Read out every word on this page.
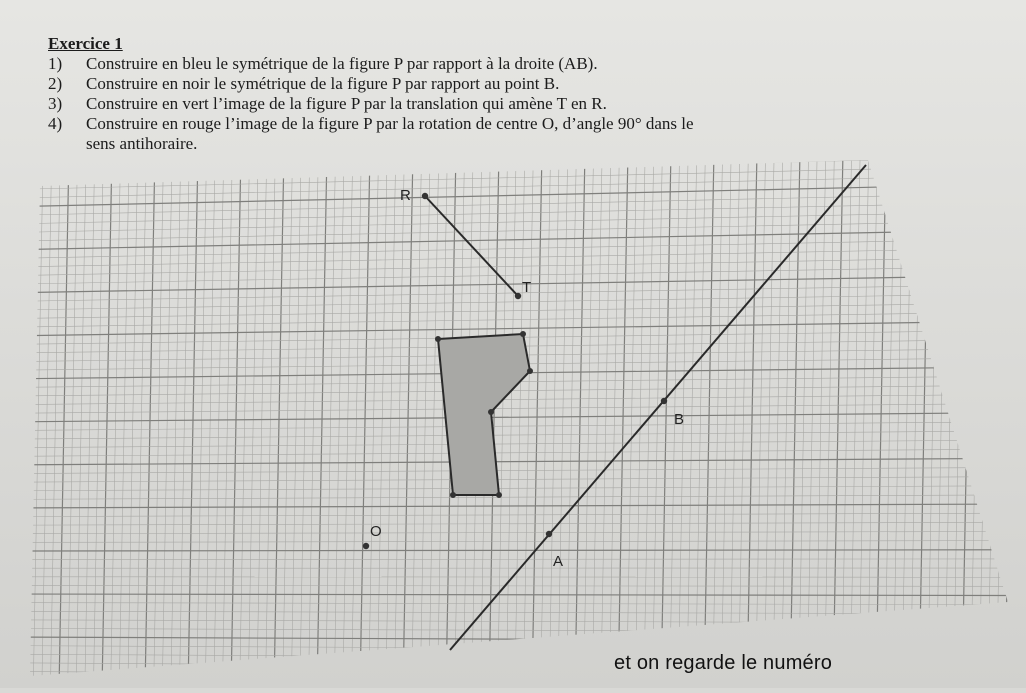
R
T
B
A
O
Exercice 1

1) Construire en bleu le symétrique de la figure P par rapport à la droite (AB).

2) Construire en noir le symétrique de la figure P par rapport au point B.

3) Construire en vert l’image de la figure P par la translation qui amène T en R.

4) Construire en rouge l’image de la figure P par la rotation de centre O, d’angle 90° dans le

sens antihoraire.

et on regarde le numéro
